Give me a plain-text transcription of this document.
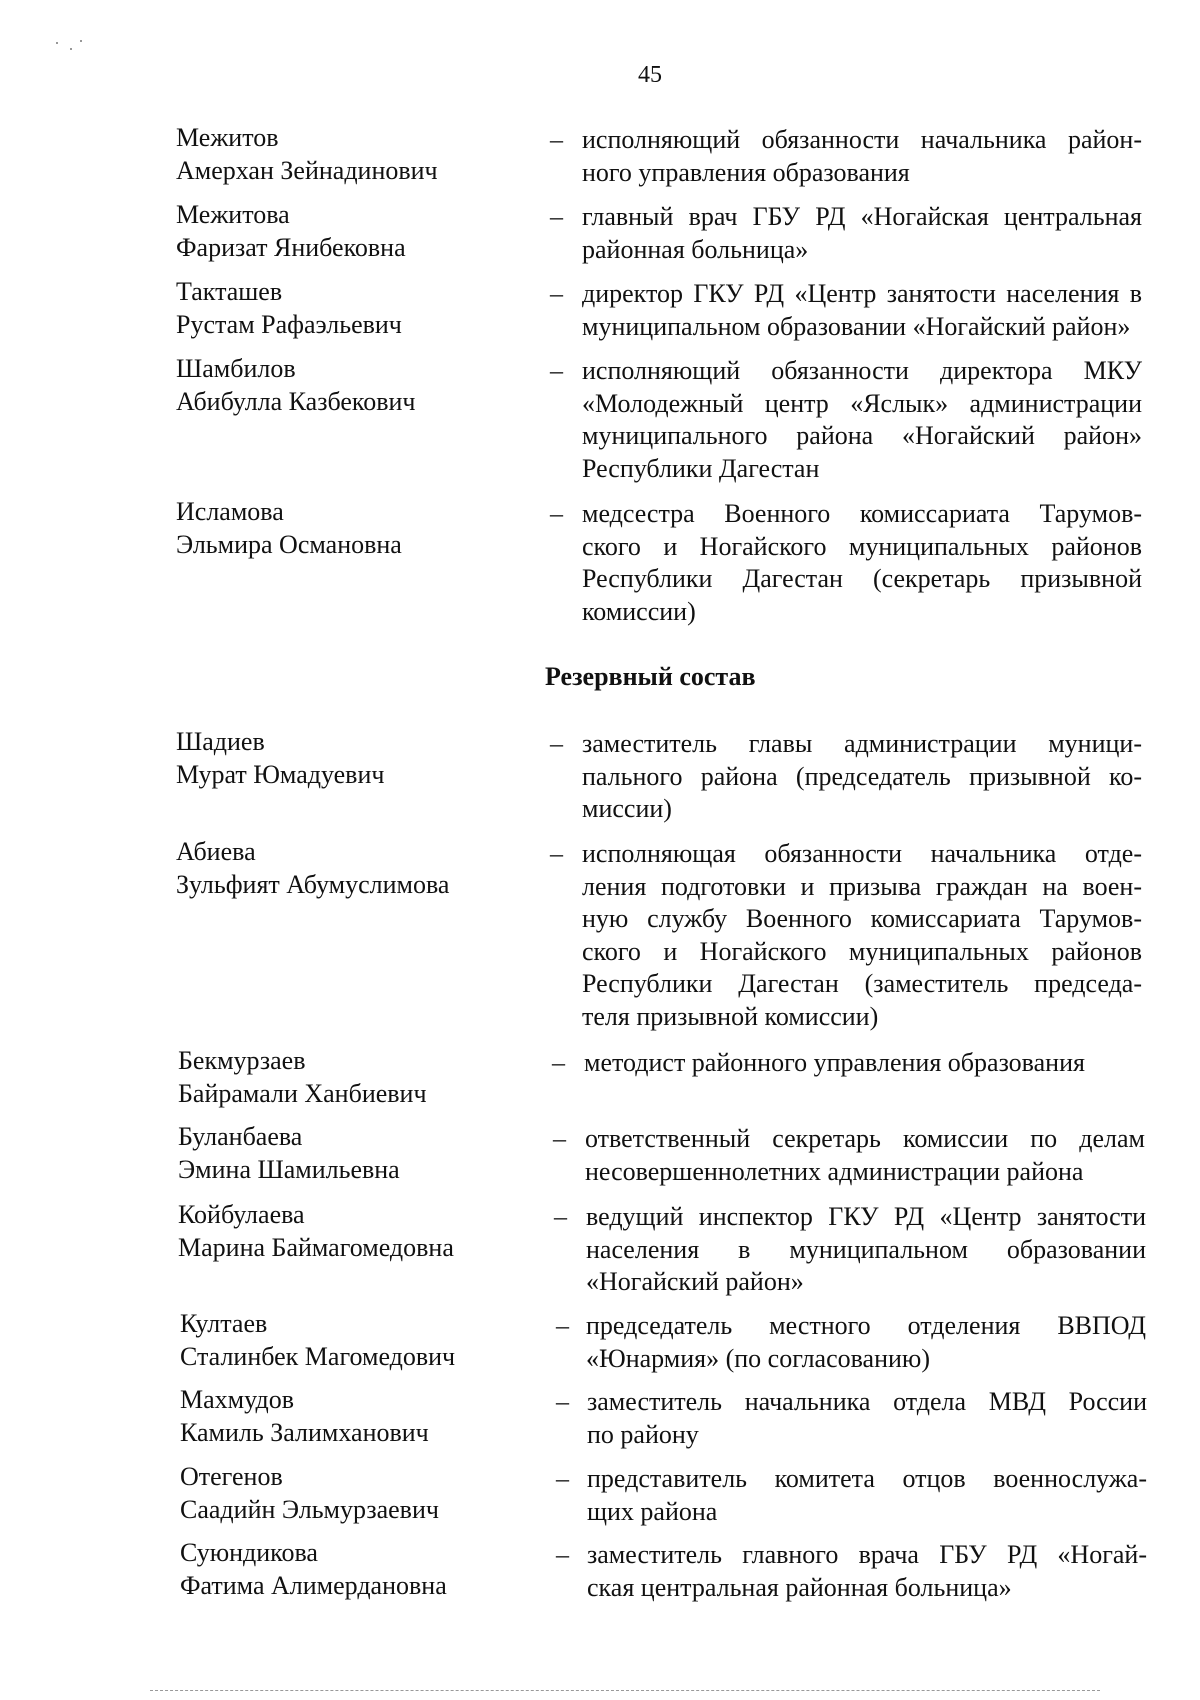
45
Межитов
Амерхан Зейнадинович
– исполняющий обязанности начальника район-
ного управления образования
Межитова
Фаризат Янибековна
– главный врач ГБУ РД «Ногайская центральная
районная больница»
Такташев
Рустам Рафаэльевич
– директор ГКУ РД «Центр занятости населения в
муниципальном образовании «Ногайский район»
Шамбилов
Абибулла Казбекович
– исполняющий обязанности директора МКУ
«Молодежный центр «Яслык» администрации
муниципального района «Ногайский район»
Республики Дагестан
Исламова
Эльмира Османовна
– медсестра Военного комиссариата Тарумов-
ского и Ногайского муниципальных районов
Республики Дагестан (секретарь призывной
комиссии)
Шадиев
Мурат Юмадуевич
– заместитель главы администрации муници-
пального района (председатель призывной ко-
миссии)
Абиева
Зульфият Абумуслимова
– исполняющая обязанности начальника отде-
ления подготовки и призыва граждан на воен-
ную службу Военного комиссариата Тарумов-
ского и Ногайского муниципальных районов
Республики Дагестан (заместитель председа-
теля призывной комиссии)
Бекмурзаев
Байрамали Ханбиевич
– методист районного управления образования
Буланбаева
Эмина Шамильевна
– ответственный секретарь комиссии по делам
несовершеннолетних администрации района
Койбулаева
Марина Баймагомедовна
– ведущий инспектор ГКУ РД «Центр занятости
населения в муниципальном образовании
«Ногайский район»
Култаев
Сталинбек Магомедович
– председатель местного отделения ВВПОД
«Юнармия» (по согласованию)
Махмудов
Камиль Залимханович
– заместитель начальника отдела МВД России
по району
Отегенов
Саадийн Эльмурзаевич
– представитель комитета отцов военнослужа-
щих района
Суюндикова
Фатима Алимердановна
– заместитель главного врача ГБУ РД «Ногай-
ская центральная районная больница»
Резервный состав
